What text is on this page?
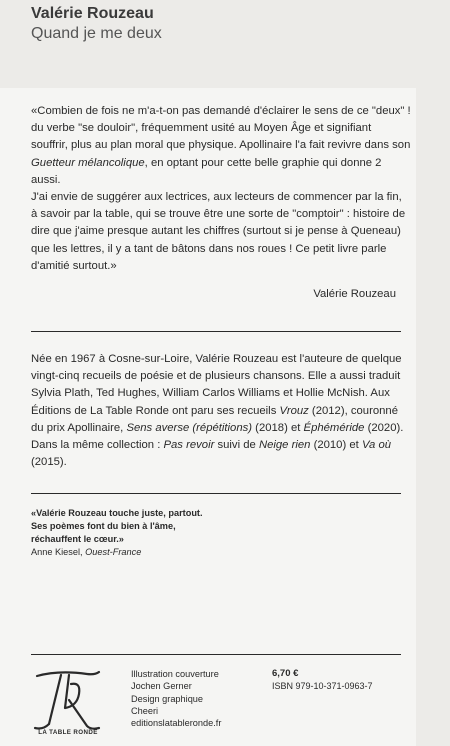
Valérie Rouzeau
Quand je me deux

«Combien de fois ne m'a-t-on pas demandé d'éclairer le sens de ce "deux" ! du verbe "se douloir", fréquemment usité au Moyen Âge et signifiant souffrir, plus au plan moral que physique. Apollinaire l'a fait revivre dans son Guetteur mélancolique, en optant pour cette belle graphie qui donne 2 aussi.

J'ai envie de suggérer aux lectrices, aux lecteurs de commencer par la fin, à savoir par la table, qui se trouve être une sorte de "comptoir" : histoire de dire que j'aime presque autant les chiffres (surtout si je pense à Queneau) que les lettres, il y a tant de bâtons dans nos roues ! Ce petit livre parle d'amitié surtout.»

Valérie Rouzeau
Née en 1967 à Cosne-sur-Loire, Valérie Rouzeau est l'auteure de quelque vingt-cinq recueils de poésie et de plusieurs chansons. Elle a aussi traduit Sylvia Plath, Ted Hughes, William Carlos Williams et Hollie McNish. Aux Éditions de La Table Ronde ont paru ses recueils Vrouz (2012), couronné du prix Apollinaire, Sens averse (répétitions) (2018) et Éphéméride (2020). Dans la même collection : Pas revoir suivi de Neige rien (2010) et Va où (2015).
«Valérie Rouzeau touche juste, partout.
Ses poèmes font du bien à l'âme,
réchauffent le cœur.»
Anne Kiesel, Ouest-France
LA TABLE RONDE
Illustration couverture
Jochen Gerner
Design graphique
Cheeri
editionslatableronde.fr
6,70 €
ISBN 979-10-371-0963-7
